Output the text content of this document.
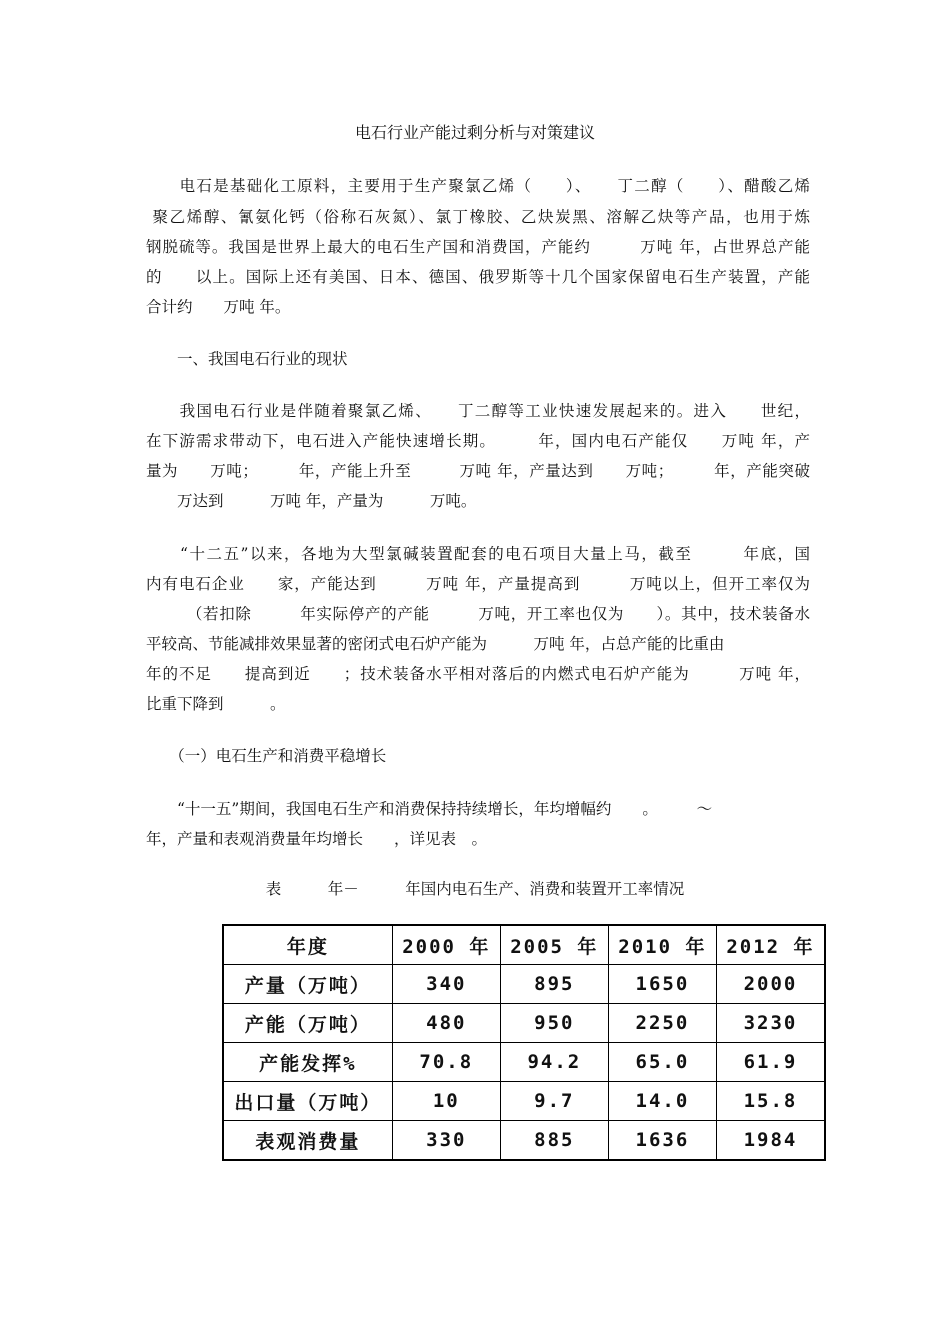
电石行业产能过剩分析与对策建议
　　电石是基础化工原料，主要用于生产聚氯乙烯（　　）、　　丁二醇（　　）、醋酸乙烯
聚乙烯醇、氰氨化钙（俗称石灰氮）、氯丁橡胶、乙炔炭黑、溶解乙炔等产品，也用于炼
钢脱硫等。我国是世界上最大的电石生产国和消费国，产能约　　　万吨 年，占世界总产能
的　　以上。国际上还有美国、日本、德国、俄罗斯等十几个国家保留电石生产装置，产能
合计约　　万吨 年。
　　一、我国电石行业的现状
　　我国电石行业是伴随着聚氯乙烯、　　丁二醇等工业快速发展起来的。进入　　世纪，
在下游需求带动下，电石进入产能快速增长期。　　　年，国内电石产能仅　　万吨 年，产
量为　　万吨；　　　年，产能上升至　　　万吨 年，产量达到　　万吨；　　　年，产能突破
　　万达到　　　万吨 年，产量为　　　万吨。
　　“十二五”以来，各地为大型氯碱装置配套的电石项目大量上马，截至　　　年底，国
内有电石企业　　家，产能达到　　　万吨 年，产量提高到　　　万吨以上，但开工率仅为
　　　（若扣除　　　年实际停产的产能　　　万吨，开工率也仅为　　）。其中，技术装备水
平较高、节能减排效果显著的密闭式电石炉产能为　　　万吨 年，占总产能的比重由
年的不足　　提高到近　　；技术装备水平相对落后的内燃式电石炉产能为　　　万吨 年，
比重下降到　　　。
　　（一）电石生产和消费平稳增长
　　“十一五”期间，我国电石生产和消费保持持续增长，年均增幅约　　。　　　～
年，产量和表观消费量年均增长　　，详见表　。
表　　　年－　　　年国内电石生产、消费和装置开工率情况
年度	2000 年	2005 年	2010 年	2012 年
产量（万吨）	340	895	1650	2000
产能（万吨）	480	950	2250	3230
产能发挥%	70.8	94.2	65.0	61.9
出口量（万吨）	10	9.7	14.0	15.8
表观消费量	330	885	1636	1984
